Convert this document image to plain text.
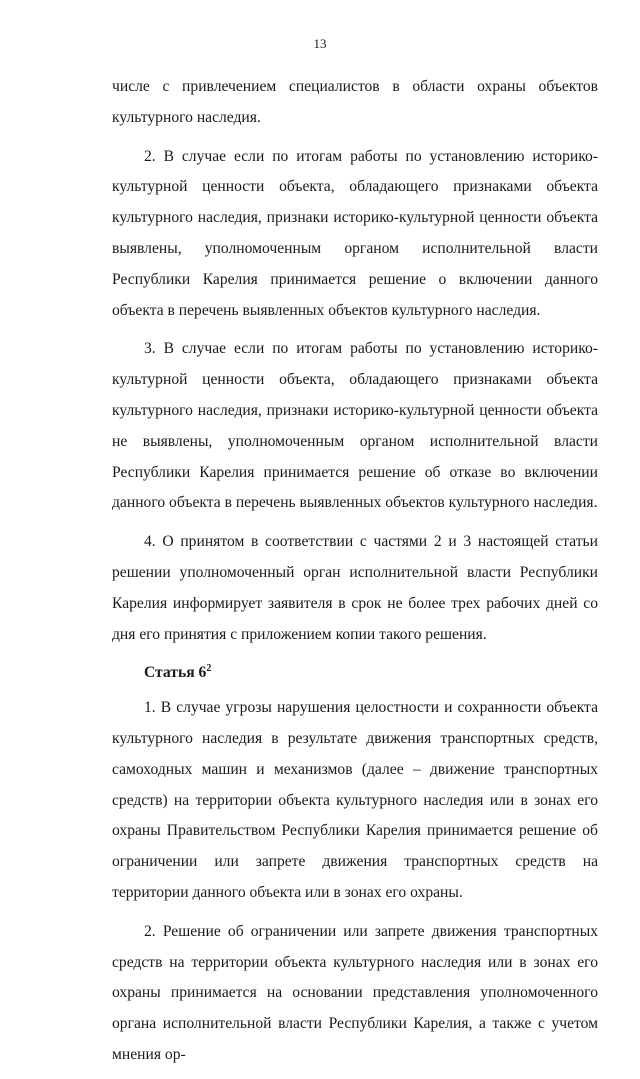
13

числе с привлечением специалистов в области охраны объектов культурного наследия.

2. В случае если по итогам работы по установлению историко-культурной ценности объекта, обладающего признаками объекта культурного наследия, признаки историко-культурной ценности объекта выявлены, уполномоченным органом исполнительной власти Республики Карелия принимается решение о включении данного объекта в перечень выявленных объектов культурного наследия.

3. В случае если по итогам работы по установлению историко-культурной ценности объекта, обладающего признаками объекта культурного наследия, признаки историко-культурной ценности объекта не выявлены, уполномоченным органом исполнительной власти Республики Карелия принимается решение об отказе во включении данного объекта в перечень выявленных объектов культурного наследия.

4. О принятом в соответствии с частями 2 и 3 настоящей статьи решении уполномоченный орган исполнительной власти Республики Карелия информирует заявителя в срок не более трех рабочих дней со дня его принятия с приложением копии такого решения.

Статья $6^2$

1. В случае угрозы нарушения целостности и сохранности объекта культурного наследия в результате движения транспортных средств, самоходных машин и механизмов (далее – движение транспортных средств) на территории объекта культурного наследия или в зонах его охраны Правительством Республики Карелия принимается решение об ограничении или запрете движения транспортных средств на территории данного объекта или в зонах его охраны.

2. Решение об ограничении или запрете движения транспортных средств на территории объекта культурного наследия или в зонах его охраны принимается на основании представления уполномоченного органа исполнительной власти Республики Карелия, а также с учетом мнения ор-
